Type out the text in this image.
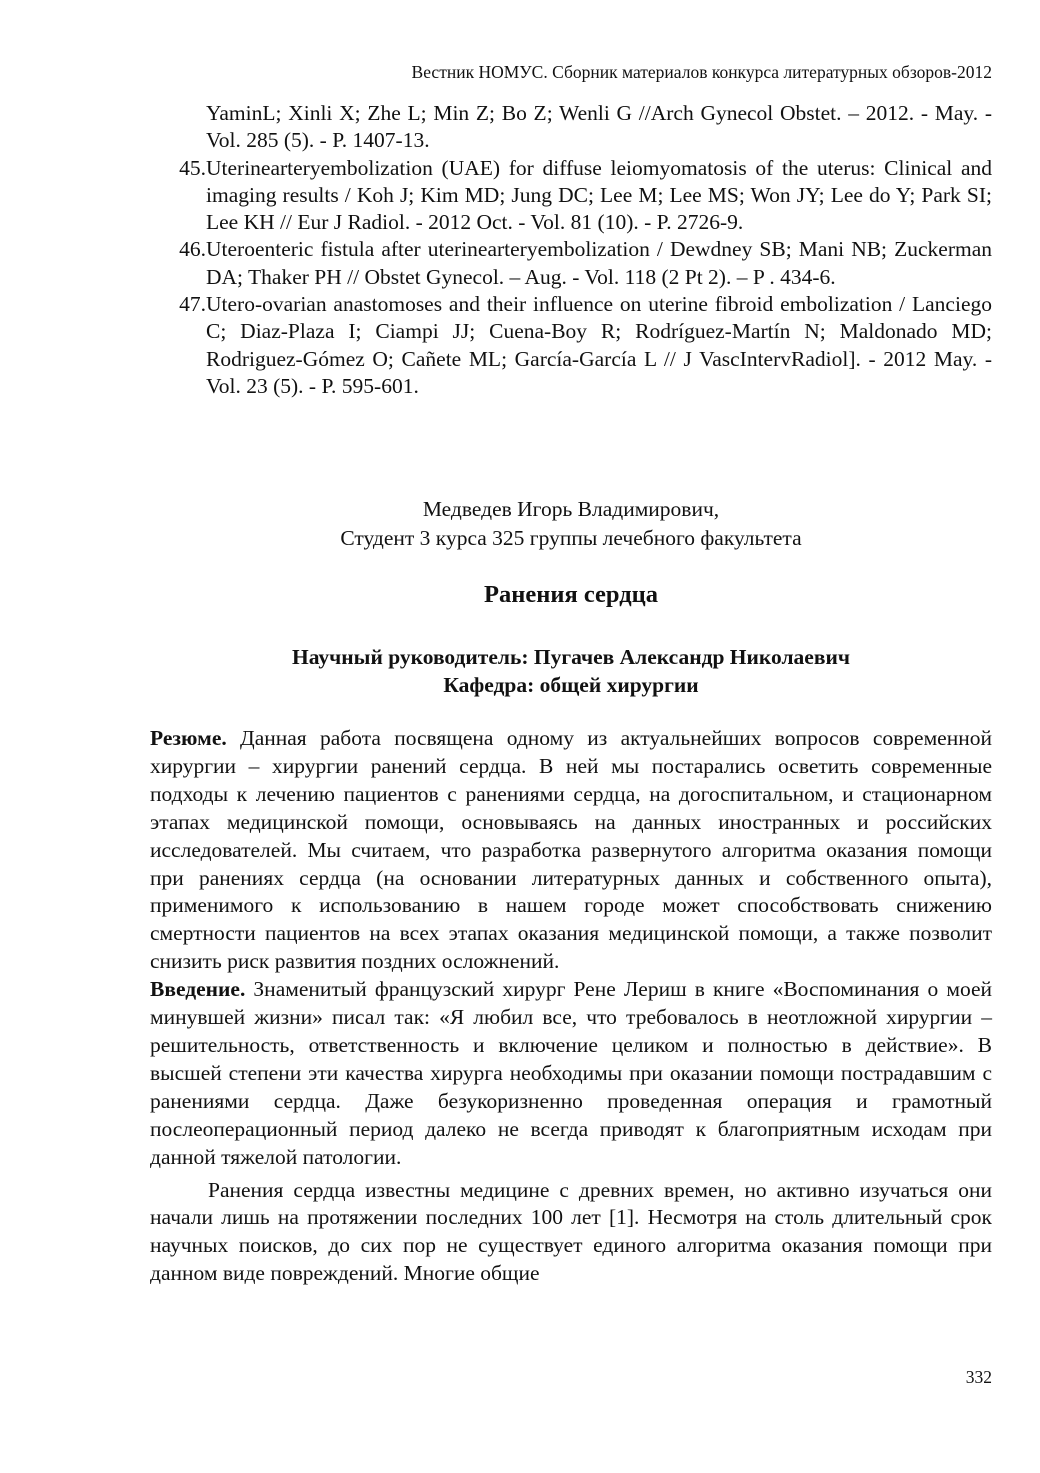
Вестник НОМУС. Сборник материалов конкурса литературных обзоров-2012
YaminL; Xinli X; Zhe L; Min Z; Bo Z; Wenli G //Arch Gynecol Obstet. – 2012. - May. - Vol. 285 (5). - P. 1407-13.
45. Uterinearteryembolization (UAE) for diffuse leiomyomatosis of the uterus: Clinical and imaging results / Koh J; Kim MD; Jung DC; Lee M; Lee MS; Won JY; Lee do Y; Park SI; Lee KH // Eur J Radiol. - 2012 Oct. - Vol. 81 (10). - P. 2726-9.
46. Uteroenteric fistula after uterinearteryembolization / Dewdney SB; Mani NB; Zuckerman DA; Thaker PH // Obstet Gynecol. – Aug. - Vol. 118 (2 Pt 2). – P . 434-6.
47. Utero-ovarian anastomoses and their influence on uterine fibroid embolization / Lanciego C; Diaz-Plaza I; Ciampi JJ; Cuena-Boy R; Rodríguez-Martín N; Maldonado MD; Rodriguez-Gómez O; Cañete ML; García-García L // J VascIntervRadiol]. - 2012 May. - Vol. 23 (5). - P. 595-601.
Медведев Игорь Владимирович,
Студент 3 курса 325 группы лечебного факультета
Ранения сердца
Научный руководитель: Пугачев Александр Николаевич
Кафедра: общей хирургии

Резюме. Данная работа посвящена одному из актуальнейших вопросов современной хирургии – хирургии ранений сердца. В ней мы постарались осветить современные подходы к лечению пациентов с ранениями сердца, на догоспитальном, и стационарном этапах медицинской помощи, основываясь на данных иностранных и российских исследователей. Мы считаем, что разработка развернутого алгоритма оказания помощи при ранениях сердца (на основании литературных данных и собственного опыта), применимого к использованию в нашем городе может способствовать снижению смертности пациентов на всех этапах оказания медицинской помощи, а также позволит снизить риск развития поздних осложнений.

Введение. Знаменитый французский хирург Рене Лериш в книге «Воспоминания о моей минувшей жизни» писал так: «Я любил все, что требовалось в неотложной хирургии – решительность, ответственность и включение целиком и полностью в действие». В высшей степени эти качества хирурга необходимы при оказании помощи пострадавшим с ранениями сердца. Даже безукоризненно проведенная операция и грамотный послеоперационный период далеко не всегда приводят к благоприятным исходам при данной тяжелой патологии.

Ранения сердца известны медицине с древних времен, но активно изучаться они начали лишь на протяжении последних 100 лет [1]. Несмотря на столь длительный срок научных поисков, до сих пор не существует единого алгоритма оказания помощи при данном виде повреждений. Многие общие

332
